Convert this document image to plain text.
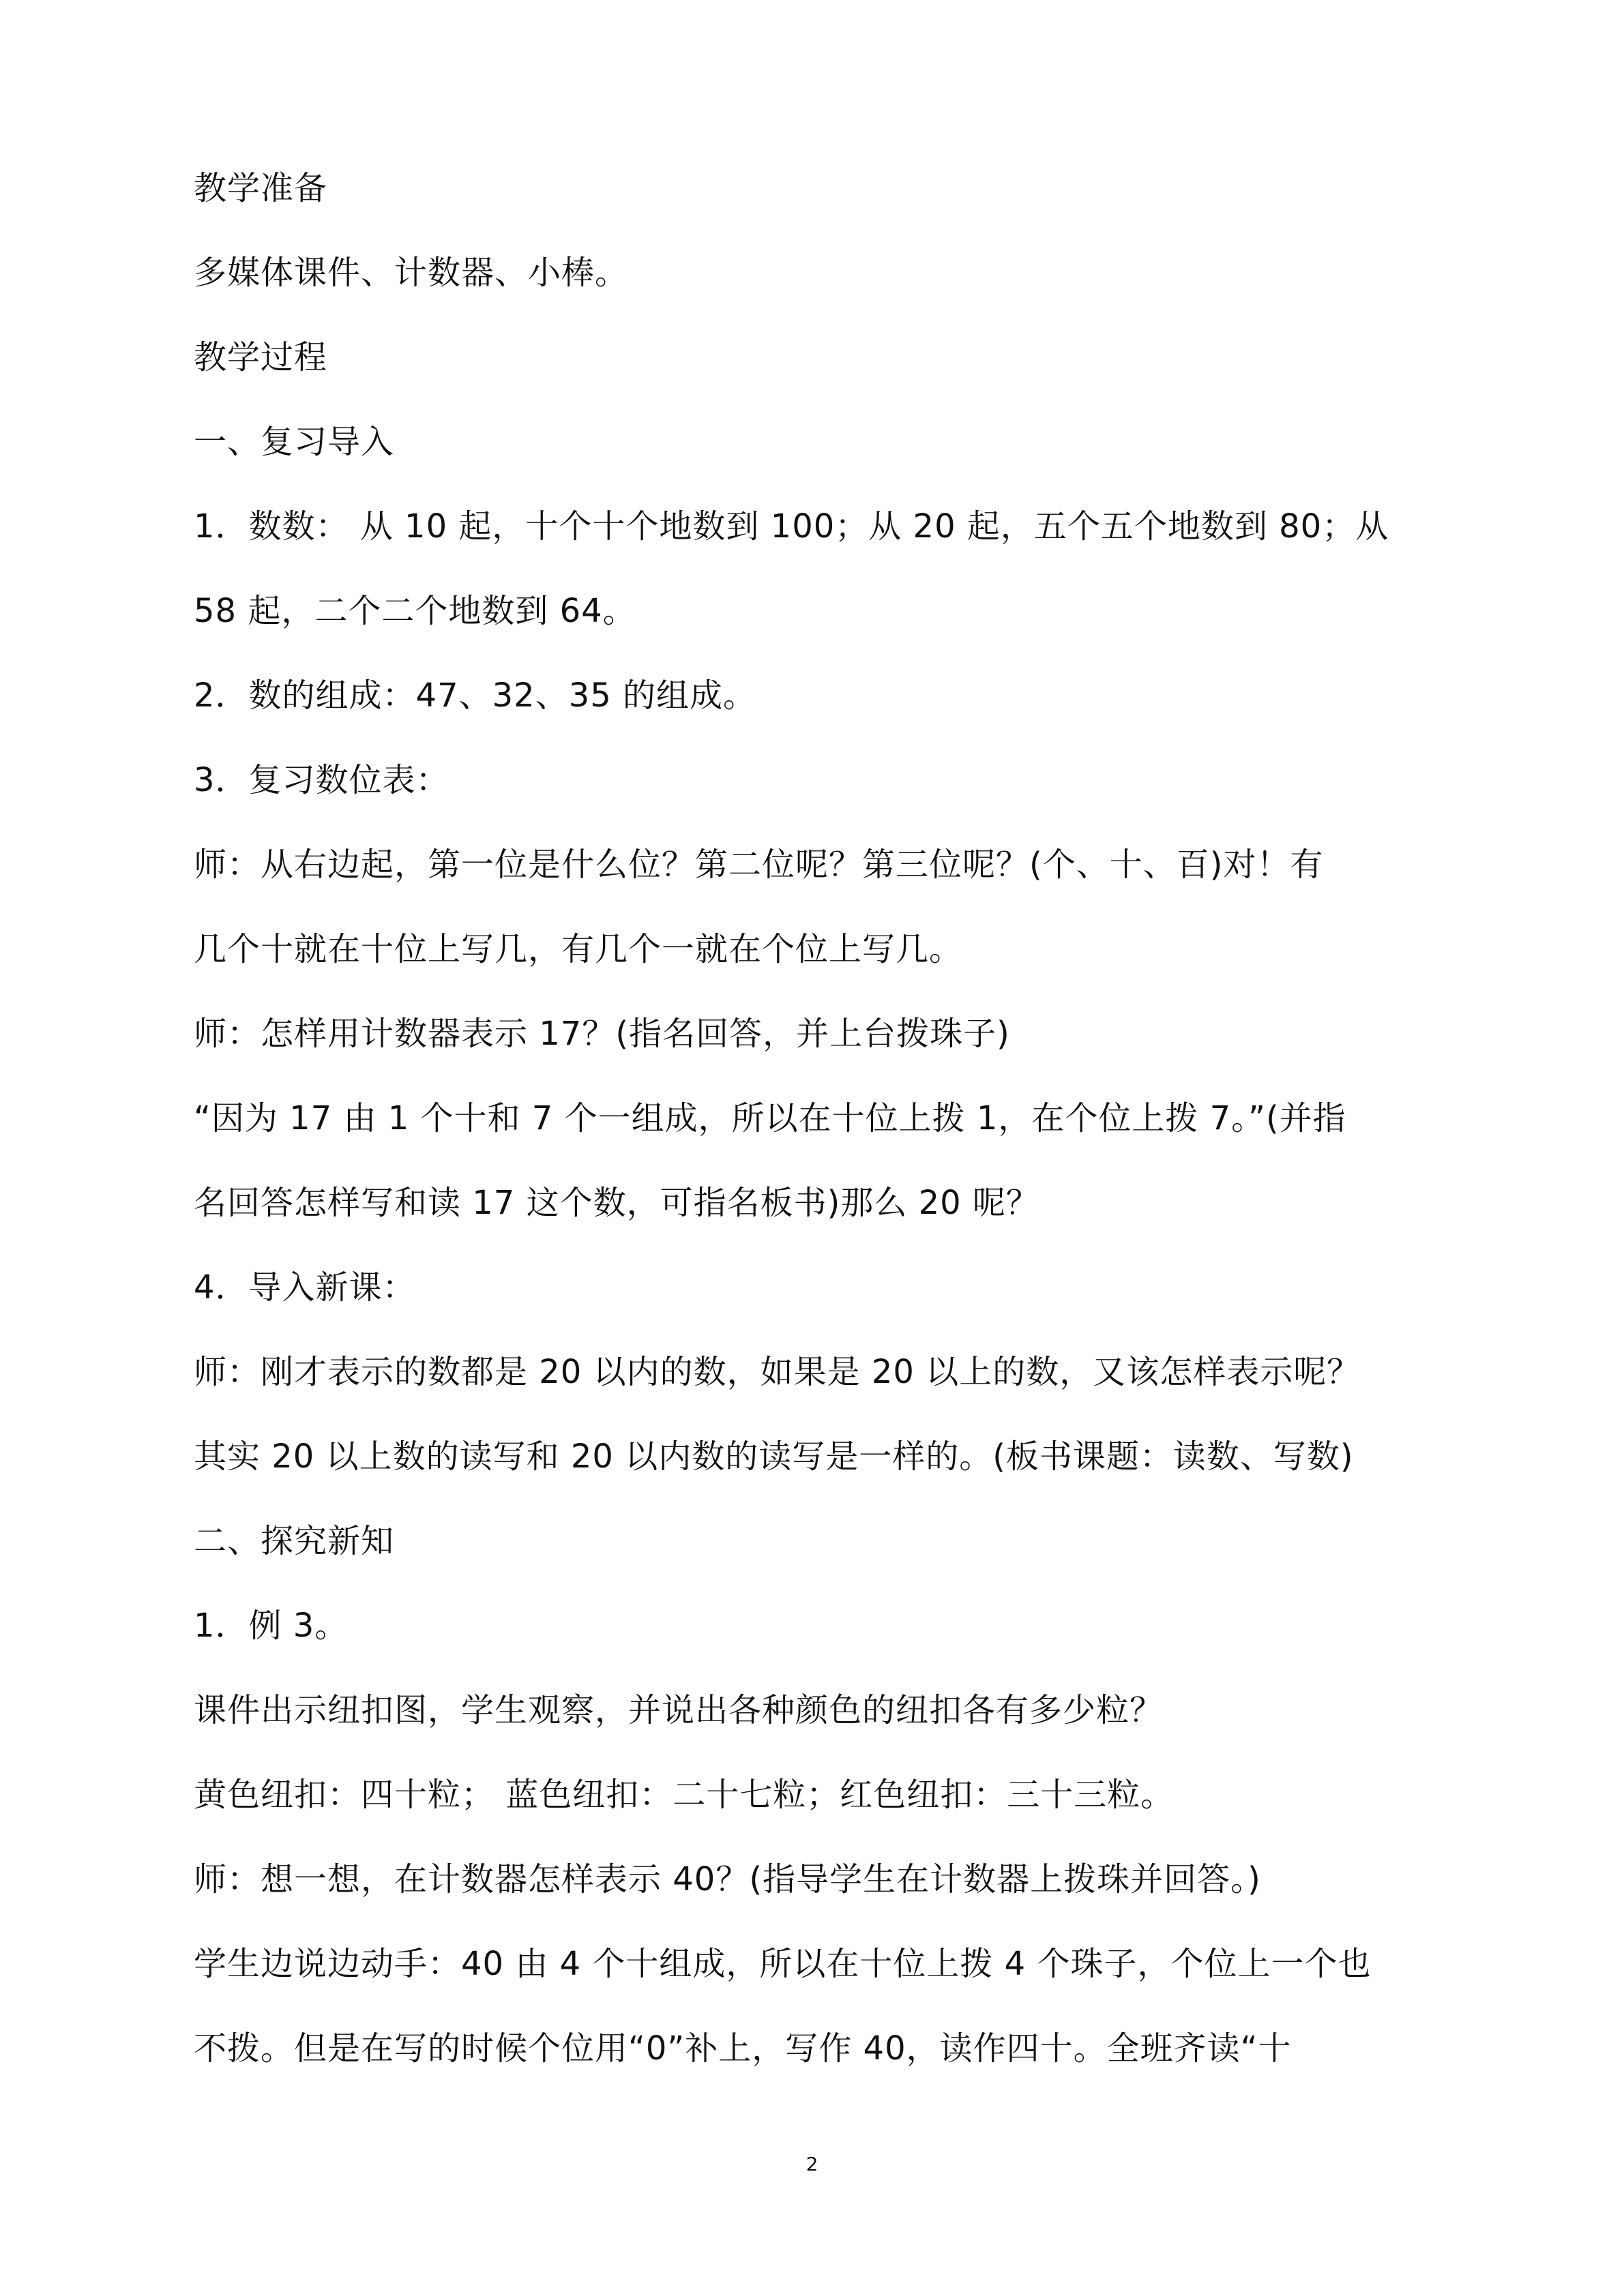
教学准备
多媒体课件、计数器、小棒。
教学过程
一、复习导入
1．数数： 从 10 起，十个十个地数到 100；从 20 起，五个五个地数到 80；从
58 起，二个二个地数到 64。
2．数的组成：47、32、35 的组成。
3．复习数位表：
师：从右边起，第一位是什么位？第二位呢？第三位呢？(个、十、百)对！有
几个十就在十位上写几，有几个一就在个位上写几。
师：怎样用计数器表示 17？(指名回答，并上台拨珠子)
“因为 17 由 1 个十和 7 个一组成，所以在十位上拨 1，在个位上拨 7。”(并指
名回答怎样写和读 17 这个数，可指名板书)那么 20 呢？
4．导入新课：
师：刚才表示的数都是 20 以内的数，如果是 20 以上的数，又该怎样表示呢？
其实 20 以上数的读写和 20 以内数的读写是一样的。(板书课题：读数、写数)
二、探究新知
1．例 3。
课件出示纽扣图，学生观察，并说出各种颜色的纽扣各有多少粒？
黄色纽扣：四十粒； 蓝色纽扣：二十七粒；红色纽扣：三十三粒。
师：想一想，在计数器怎样表示 40？(指导学生在计数器上拨珠并回答。)
学生边说边动手：40 由 4 个十组成，所以在十位上拨 4 个珠子，个位上一个也
不拨。但是在写的时候个位用“0”补上，写作 40，读作四十。全班齐读“十
2
